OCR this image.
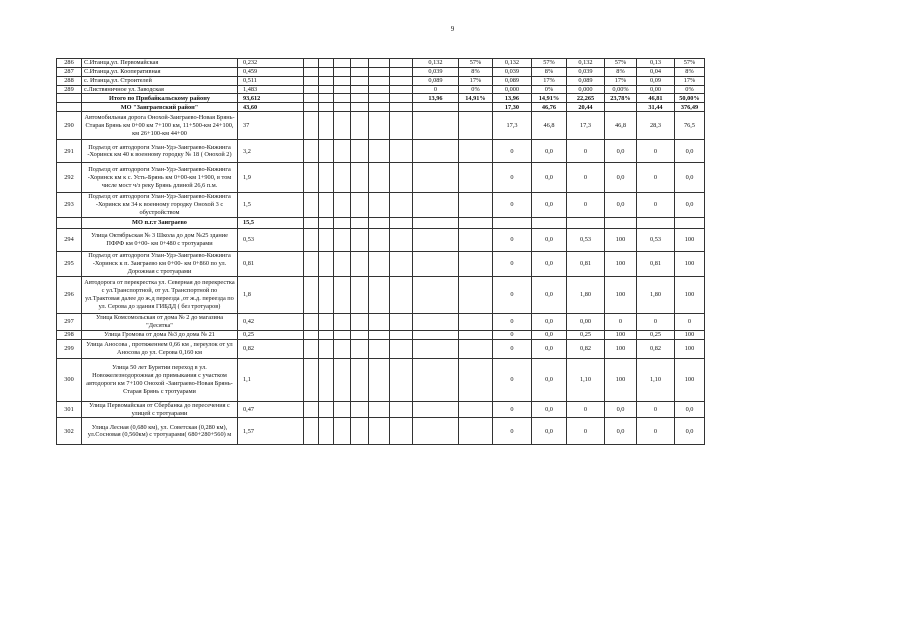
9
286	С.Итанца,ул. Первомайская	0,232							0,132	57%	0,132	57%	0,132	57%	0,13	57%
287	С.Итанца,ул. Кооперативная	0,459							0,039	8%	0,039	8%	0,039	8%	0,04	8%
288	с. Итанца,ул. Строителей	0,511							0,089	17%	0,089	17%	0,089	17%	0,09	17%
289	с.Листвяничное ул. Заводская	1,483							0	0%	0,000	0%	0,000	0,00%	0,00	0%
	Итого по Прибайкальскому району	93,612							13,96	14,91%	13,96	14,91%	22,265	23,78%	46,81	50,00%
	МО "Заиграевский район"	43,60									17,30	46,76	20,44		31,44	376,49
290	Автомобильная дорога Онохой-Заиграево-Новая Брянь-Старая Брянь км 0+00 км 7+100 км, 11+500-км 24+100, км 26+100-км 44+00	37									17,3	46,8	17,3	46,8	28,3	76,5
291	Подъезд от автодороги Улан-Удэ-Заиграево-Кижинга -Хоринск км 40 к военному городку № 18 ( Онохой 2)	3,2									0	0,0	0	0,0	0	0,0
292	Подъезд от автодороги Улан-Удэ-Заиграево-Кижинга -Хоринск км к с. Усть-Брянь км 0+00-км 1+900, в том числе мост ч/з реку Брянь длиной 26,6 п.м.	1,9									0	0,0	0	0,0	0	0,0
293	Подъезд от автодороги Улан-Удэ-Заиграево-Кижинга -Хоринск км 34 к военному городку Онохой 3 с обустройством	1,5									0	0,0	0	0,0	0	0,0
	МО п.г.т Заиграево	15,5														
294	Улица Октябрьская № 3 Школа до дом №25 здание ПФРФ км 0+00- км 0+480 с тротуарами	0,53									0	0,0	0,53	100	0,53	100
295	Подъезд от автодороги Улан-Удэ-Заиграево-Кижинга -Хоринск к п. Заиграево км 0+00- км 0+860 по ул. Дорожная с тротуарами	0,81									0	0,0	0,81	100	0,81	100
296	Автодорога от перекрестка ул. Северная до перекрестка с ул.Транспортной, от ул. Транспортной по ул.Трактовая далее до ж.д переезда ,от ж.д. переезда по ул. Серова до здания ГИБДД ( без тротуаров)	1,8									0	0,0	1,80	100	1,80	100
297	Улица Комсомольская от дома № 2 до магазина "Десятка"	0,42									0	0,0	0,00	0	0	0
298	Улица Громова от дома №3 до дома № 21	0,25									0	0,0	0,25	100	0,25	100
299	Улица Аносова , протяженнем 0,66 км , переулок от ул Аносова до ул. Серова 0,160 км	0,82									0	0,0	0,82	100	0,82	100
300	Улица 50 лет Бурятии переход в ул. Новожелезнодорожная до примыкания с участком автодороги км 7+100 Онохой -Заиграево-Новая Брянь-Старая Брянь с тротуарами	1,1									0	0,0	1,10	100	1,10	100
301	Улица Первомайская от Сбербанка до пересечения с улицей с тротуарами	0,47									0	0,0	0	0,0	0	0,0
302	Улица Лесная (0,680 км), ул. Советская (0,280 км), ул.Сосновая (0,560км) с тротуарами( 680+280+560) м	1,57									0	0,0	0	0,0	0	0,0
